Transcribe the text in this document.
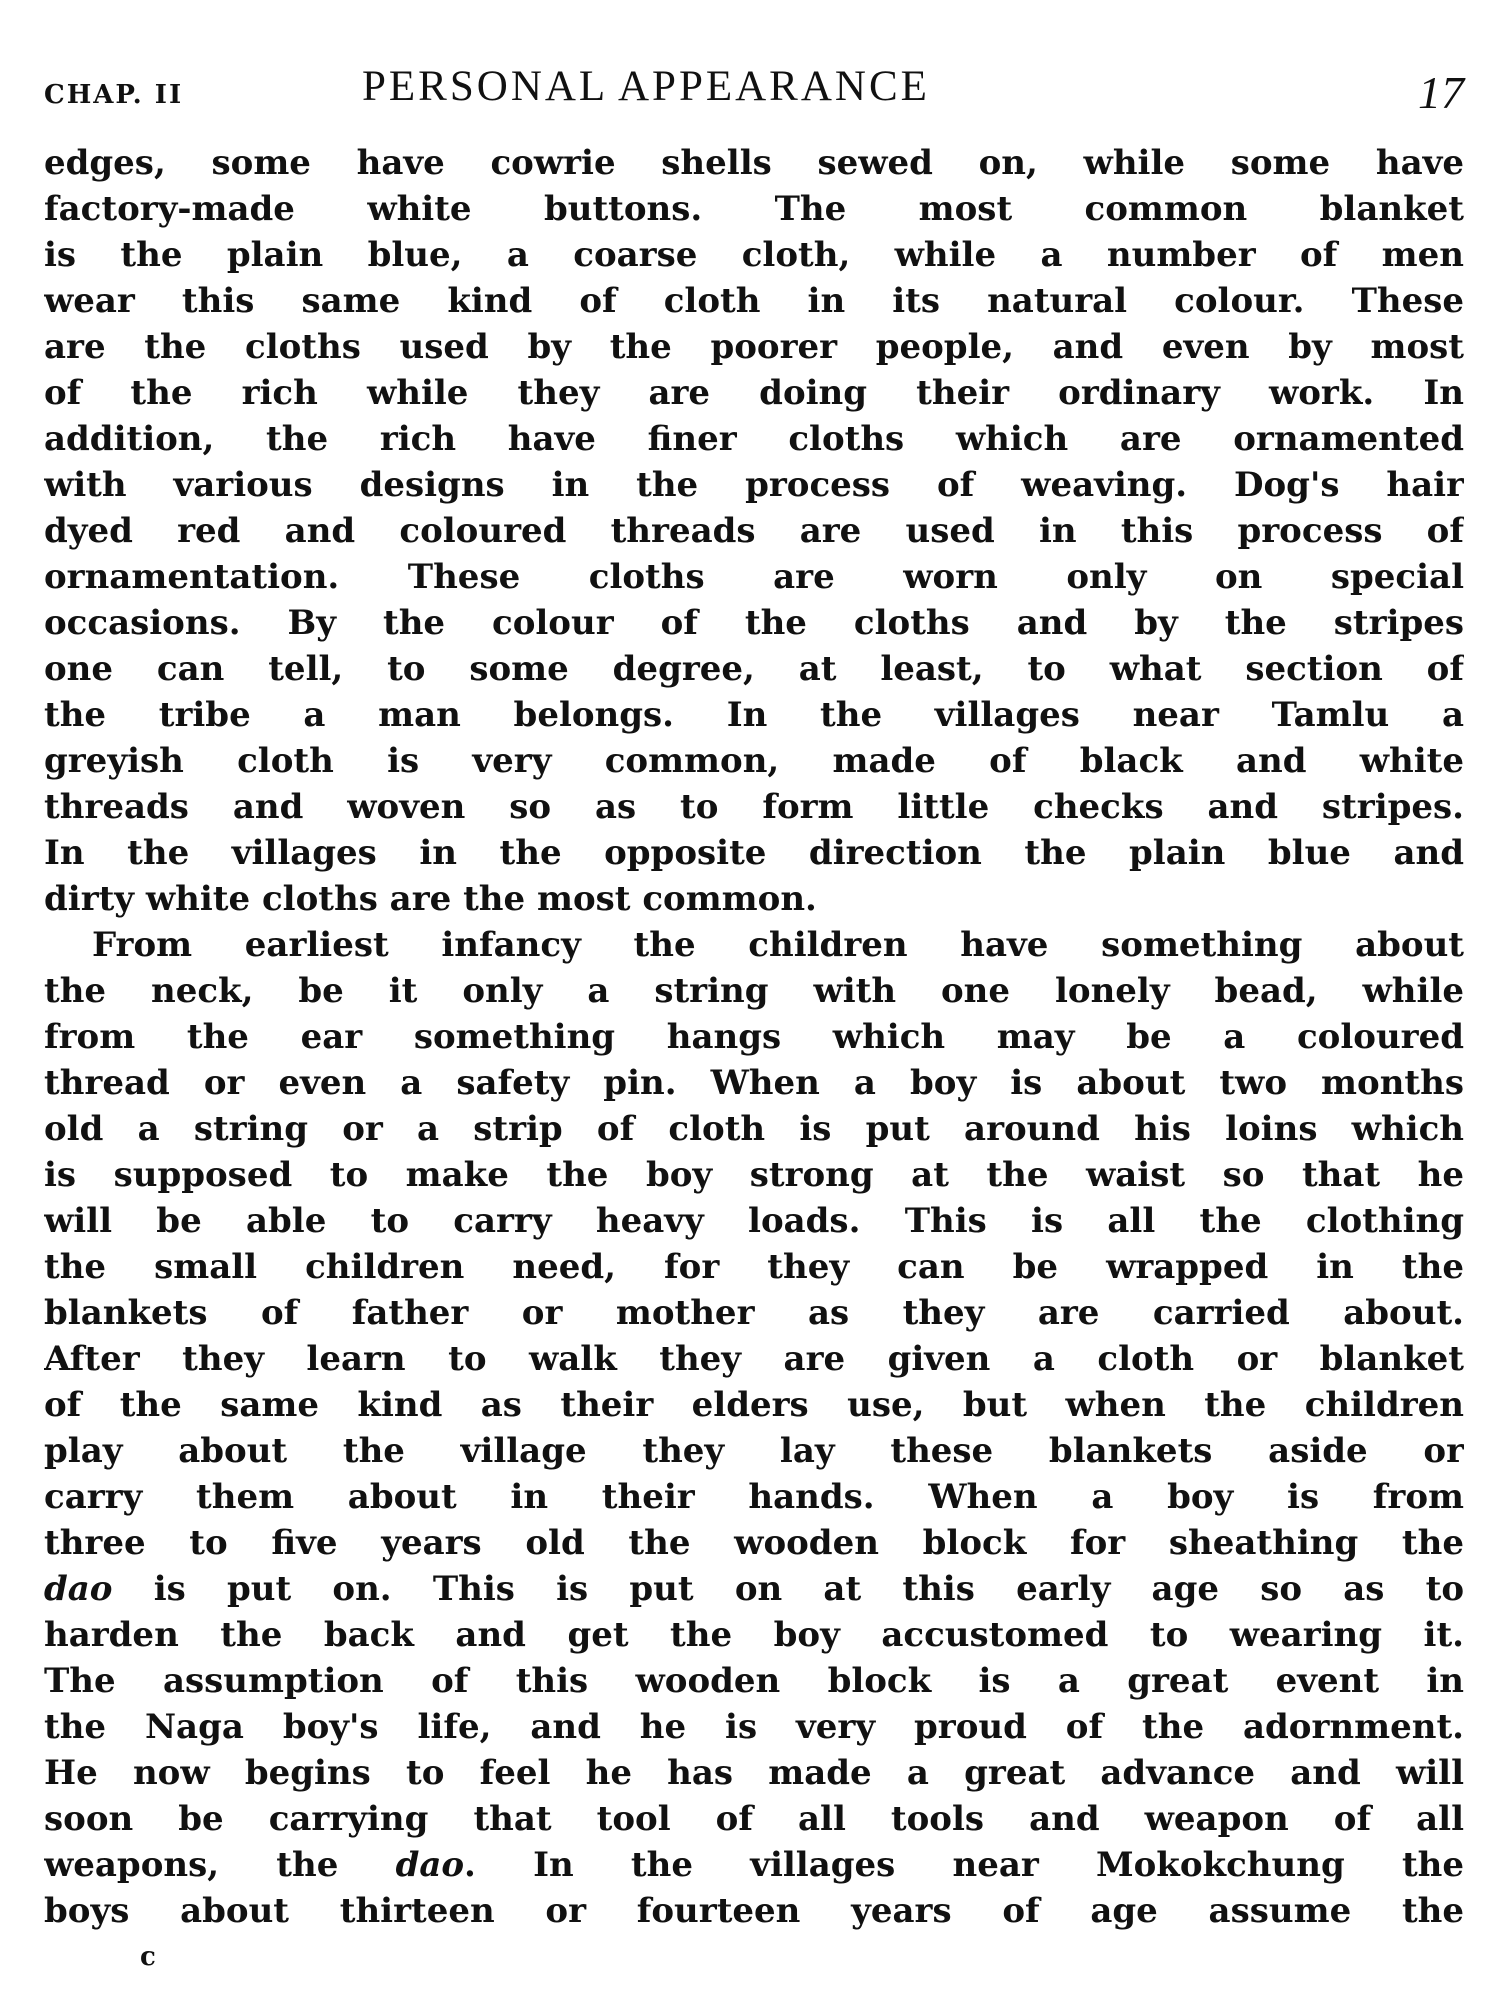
CHAP. II	PERSONAL APPEARANCE	17
edges, some have cowrie shells sewed on, while some have
factory-made white buttons. The most common blanket
is the plain blue, a coarse cloth, while a number of men
wear this same kind of cloth in its natural colour. These
are the cloths used by the poorer people, and even by most
of the rich while they are doing their ordinary work. In
addition, the rich have finer cloths which are ornamented
with various designs in the process of weaving. Dog's hair
dyed red and coloured threads are used in this process of
ornamentation. These cloths are worn only on special
occasions. By the colour of the cloths and by the stripes
one can tell, to some degree, at least, to what section of
the tribe a man belongs. In the villages near Tamlu a
greyish cloth is very common, made of black and white
threads and woven so as to form little checks and stripes.
In the villages in the opposite direction the plain blue and
dirty white cloths are the most common.
From earliest infancy the children have something about
the neck, be it only a string with one lonely bead, while
from the ear something hangs which may be a coloured
thread or even a safety pin. When a boy is about two months
old a string or a strip of cloth is put around his loins which
is supposed to make the boy strong at the waist so that he
will be able to carry heavy loads. This is all the clothing
the small children need, for they can be wrapped in the
blankets of father or mother as they are carried about.
After they learn to walk they are given a cloth or blanket
of the same kind as their elders use, but when the children
play about the village they lay these blankets aside or
carry them about in their hands. When a boy is from
three to five years old the wooden block for sheathing the
dao is put on. This is put on at this early age so as to
harden the back and get the boy accustomed to wearing it.
The assumption of this wooden block is a great event in
the Naga boy's life, and he is very proud of the adornment.
He now begins to feel he has made a great advance and will
soon be carrying that tool of all tools and weapon of all
weapons, the dao. In the villages near Mokokchung the
boys about thirteen or fourteen years of age assume the
c
